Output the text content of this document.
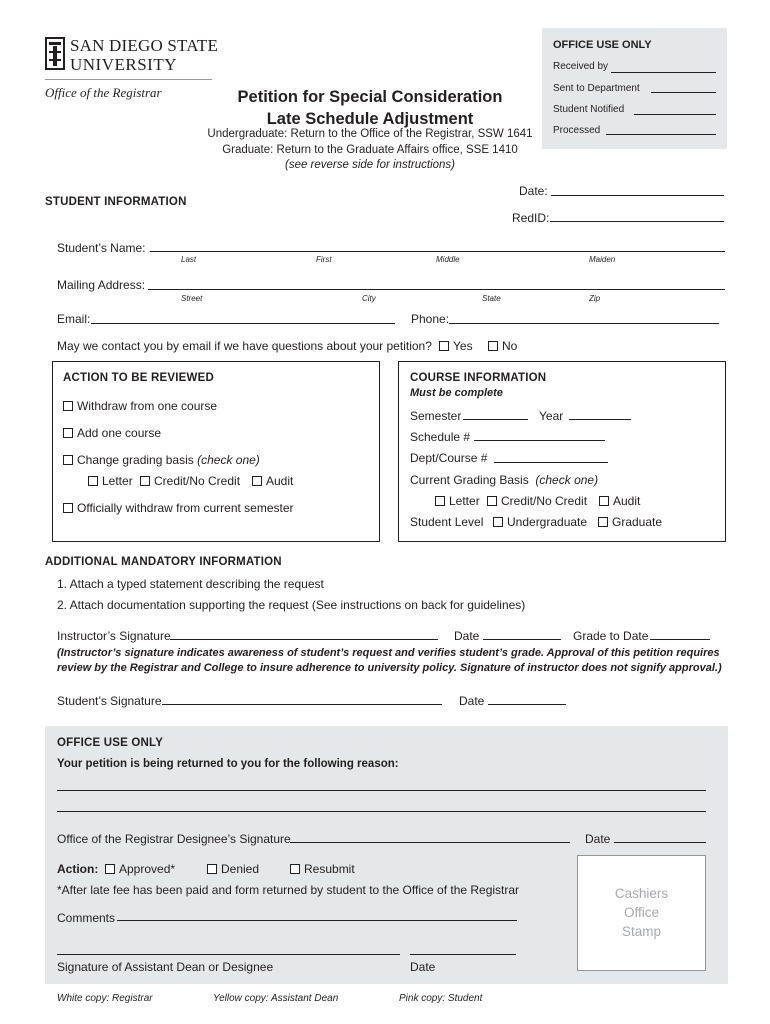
SAN DIEGO STATE
UNIVERSITY
Office of the Registrar	Petition for Special Consideration
Late Schedule Adjustment
Undergraduate: Return to the Office of the Registrar, SSW 1641
Graduate: Return to the Graduate Affairs office, SSE 1410
(see reverse side for instructions)
OFFICE USE ONLY
Received by
Sent to Department
Student Notified
Processed
Date:
STUDENT INFORMATION
RedID:
Student’s Name:
Last	First	Middle	Maiden
Mailing Address:
Street	City	State	Zip
Email:	Phone:
May we contact you by email if we have questions about your petition?	Yes	No
ACTION TO BE REVIEWED
Withdraw from one course
Add one course
Change grading basis (check one)
Letter	Credit/No Credit	Audit
Officially withdraw from current semester
COURSE INFORMATION
Must be complete
Semester	Year
Schedule #
Dept/Course #
Current Grading Basis (check one)
Letter	Credit/No Credit	Audit
Student Level	Undergraduate	Graduate
ADDITIONAL MANDATORY INFORMATION
1. Attach a typed statement describing the request
2. Attach documentation supporting the request (See instructions on back for guidelines)
Instructor’s Signature	Date	Grade to Date
(Instructor’s signature indicates awareness of student’s request and verifies student’s grade. Approval of this petition requires
review by the Registrar and College to insure adherence to university policy. Signature of instructor does not signify approval.)
Student’s Signature	Date
OFFICE USE ONLY
Your petition is being returned to you for the following reason:
Office of the Registrar Designee’s Signature	Date
Action:	Approved*	Denied	Resubmit
*After late fee has been paid and form returned by student to the Office of the Registrar
Comments
Signature of Assistant Dean or Designee	Date
Cashiers
Office
Stamp
White copy: Registrar	Yellow copy: Assistant Dean	Pink copy: Student
